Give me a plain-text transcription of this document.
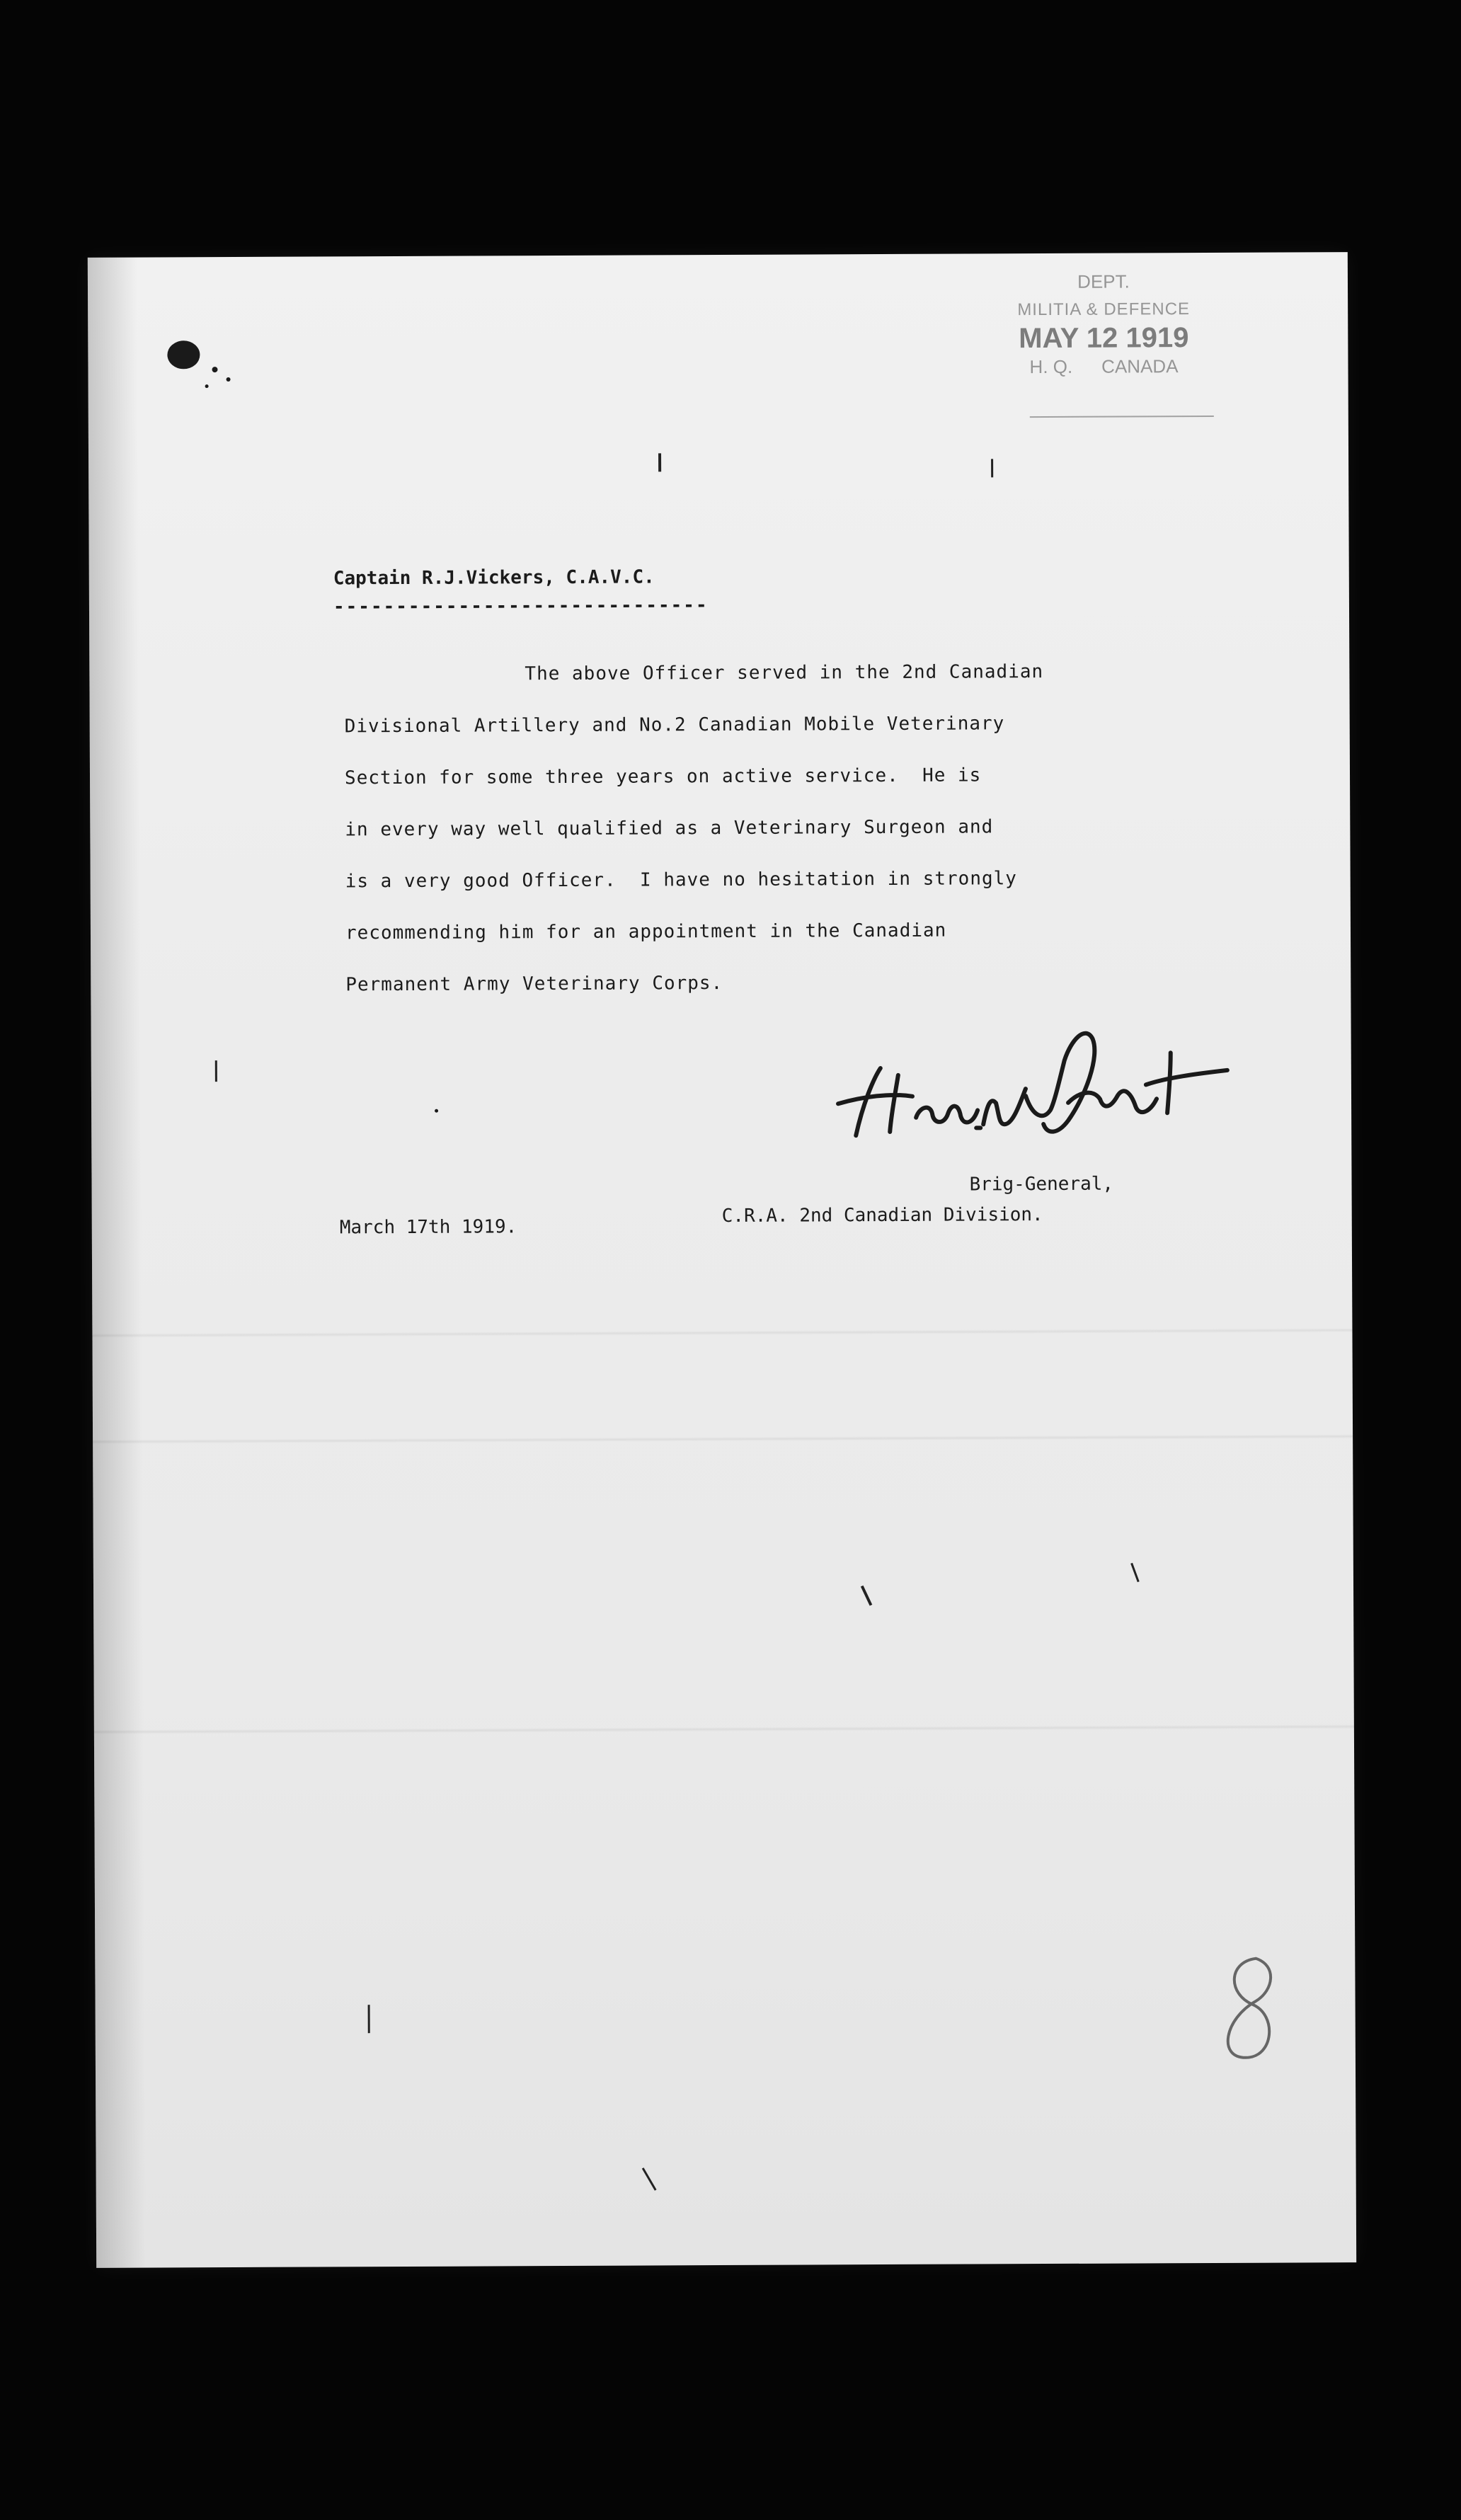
DEPT.
MILITIA & DEFENCE
MAY 12 1919
H. Q. CANADA
Captain R.J.Vickers, C.A.V.C.
------------------------------
The above Officer served in the 2nd Canadian
Divisional Artillery and No.2 Canadian Mobile Veterinary
Section for some three years on active service.  He is
in every way well qualified as a Veterinary Surgeon and
is a very good Officer.  I have no hesitation in strongly
recommending him for an appointment in the Canadian
Permanent Army Veterinary Corps.
Brig-General,
C.R.A. 2nd Canadian Division.
March 17th 1919.
